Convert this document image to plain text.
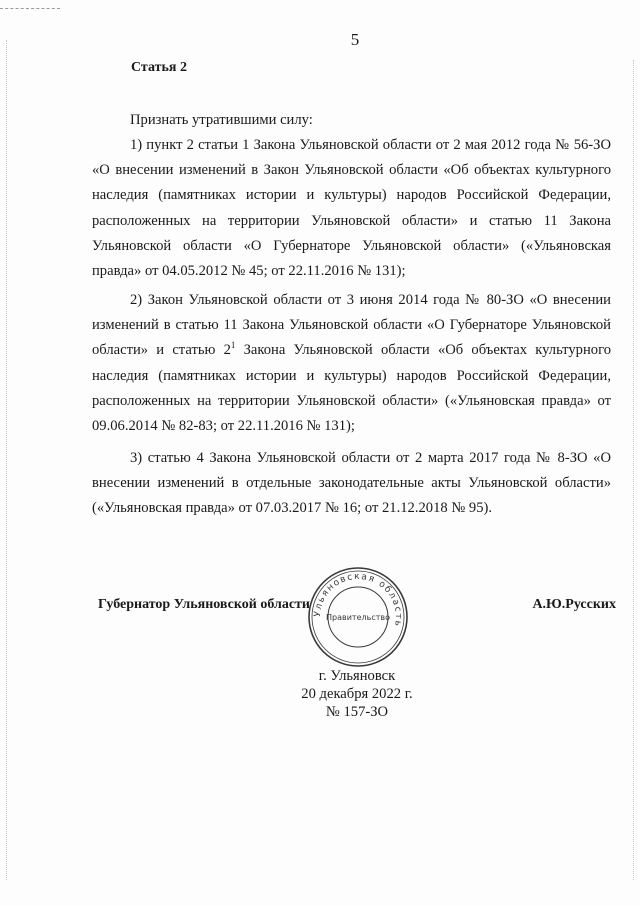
5
Статья 2
Признать утратившими силу:
1) пункт 2 статьи 1 Закона Ульяновской области от 2 мая 2012 года № 56-ЗО «О внесении изменений в Закон Ульяновской области «Об объектах культурного наследия (памятниках истории и культуры) народов Российской Федерации, расположенных на территории Ульяновской области» и статью 11 Закона Ульяновской области «О Губернаторе Ульяновской области» («Ульяновская правда» от 04.05.2012 № 45; от 22.11.2016 № 131);
2) Закон Ульяновской области от 3 июня 2014 года № 80-ЗО «О внесении изменений в статью 11 Закона Ульяновской области «О Губернаторе Ульяновской области» и статью $2^1$ Закона Ульяновской области «Об объектах культурного наследия (памятниках истории и культуры) народов Российской Федерации, расположенных на территории Ульяновской области» («Ульяновская правда» от 09.06.2014 № 82-83; от 22.11.2016 № 131);
3) статью 4 Закона Ульяновской области от 2 марта 2017 года № 8-ЗО «О внесении изменений в отдельные законодательные акты Ульяновской области» («Ульяновская правда» от 07.03.2017 № 16; от 21.12.2018 № 95).
Губернатор Ульяновской области
Ульяновская область
Правительство
А.Ю.Русских
г. Ульяновск
20 декабря 2022 г.
№ 157-ЗО
